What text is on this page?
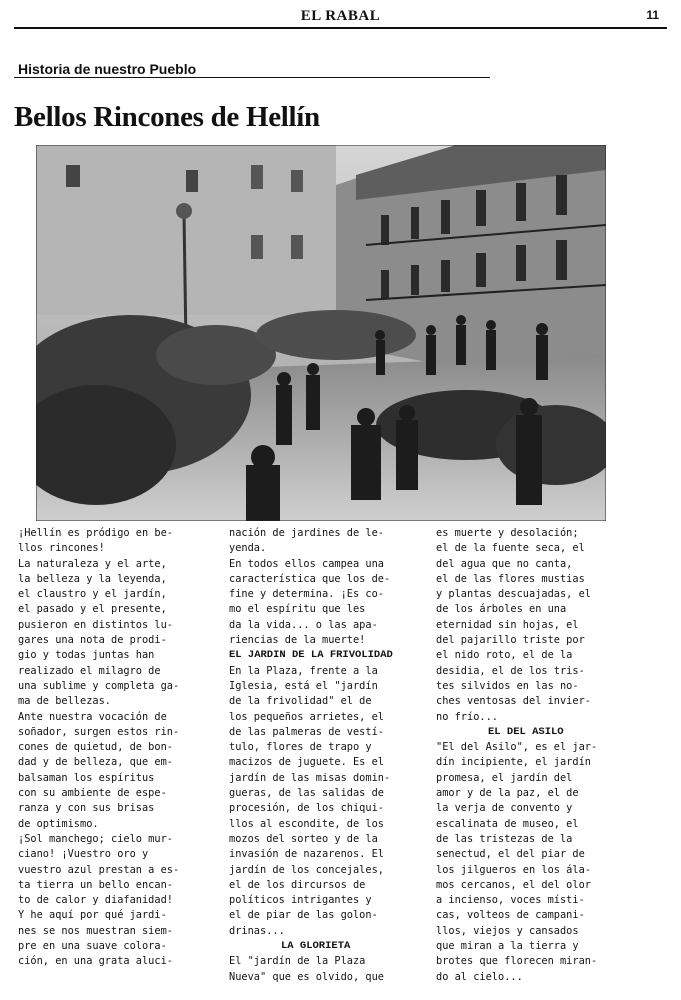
EL RABAL	11
Historia de nuestro Pueblo
Bellos Rincones de Hellín
¡Hellín es pródigo en be-
llos rincones!
La naturaleza y el arte,
la belleza y la leyenda,
el claustro y el jardín,
el pasado y el presente,
pusieron en distintos lu-
gares una nota de prodi-
gio y todas juntas han
realizado el milagro de
una sublime y completa ga-
ma de bellezas.
Ante nuestra vocación de
soñador, surgen estos rin-
cones de quietud, de bon-
dad y de belleza, que em-
balsaman los espíritus
con su ambiente de espe-
ranza y con sus brisas
de optimismo.
¡Sol manchego; cielo mur-
ciano! ¡Vuestro oro y
vuestro azul prestan a es-
ta tierra un bello encan-
to de calor y diafanidad!
Y he aquí por qué jardi-
nes se nos muestran siem-
pre en una suave colora-
ción, en una grata aluci-
nación de jardines de le-
yenda.
En todos ellos campea una
característica que los de-
fine y determina. ¡Es co-
mo el espíritu que les
da la vida... o las apa-
riencias de la muerte!
EL JARDIN DE LA FRIVOLIDAD
En la Plaza, frente a la
Iglesia, está el "jardín
de la frivolidad" el de
los pequeños arrietes, el
de las palmeras de vestí-
tulo, flores de trapo y
macizos de juguete. Es el
jardín de las misas domin-
gueras, de las salidas de
procesión, de los chiqui-
llos al escondite, de los
mozos del sorteo y de la
invasión de nazarenos. El
jardín de los concejales,
el de los dircursos de
políticos intrigantes y
el de piar de las golon-
drinas...
LA GLORIETA
El "jardín de la Plaza
Nueva" que es olvido, que
es muerte y desolación;
el de la fuente seca, el
del agua que no canta,
el de las flores mustias
y plantas descuajadas, el
de los árboles en una
eternidad sin hojas, el
del pajarillo triste por
el nido roto, el de la
desidia, el de los tris-
tes silvidos en las no-
ches ventosas del invier-
no frío...
EL DEL ASILO
"El del Asilo", es el jar-
dín incipiente, el jardín
promesa, el jardín del
amor y de la paz, el de
la verja de convento y
escalinata de museo, el
de las tristezas de la
senectud, el del piar de
los jilgueros en los ála-
mos cercanos, el del olor
a incienso, voces místi-
cas, volteos de campani-
llos, viejos y cansados
que miran a la tierra y
brotes que florecen miran-
do al cielo...
